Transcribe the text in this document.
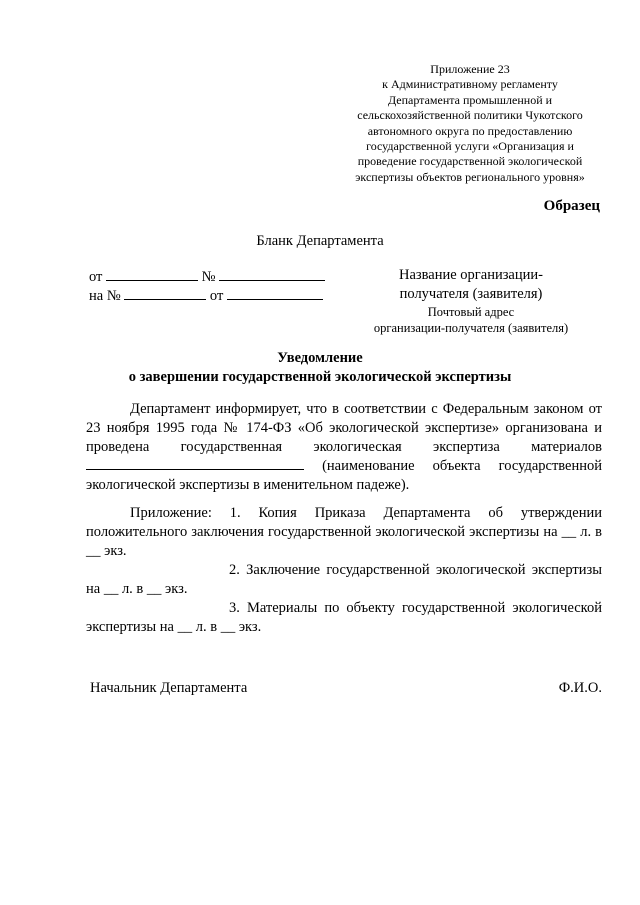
Приложение 23
к Административному регламенту
Департамента промышленной и
сельскохозяйственной политики Чукотского
автономного округа по предоставлению
государственной услуги «Организация и
проведение государственной экологической
экспертизы объектов регионального уровня»
Образец
Бланк Департамента
от	№
на №	от
Название организации-
получателя (заявителя)
Почтовый адрес
организации-получателя (заявителя)
Уведомление
о завершении государственной экологической экспертизы

Департамент информирует, что в соответствии с Федеральным законом от 23 ноября 1995 года № 174-ФЗ «Об экологической экспертизе» организована и проведена государственная экологическая экспертиза материалов  (наименование объекта государственной экологической экспертизы в именительном падеже).

Приложение: 1. Копия Приказа Департамента об утверждении положительного заключения государственной экологической экспертизы на __ л. в __ экз.

2. Заключение государственной экологической экспертизы на __ л. в __ экз.

3. Материалы по объекту государственной экологической экспертизы на __ л. в __ экз.

Начальник Департамента	Ф.И.О.
